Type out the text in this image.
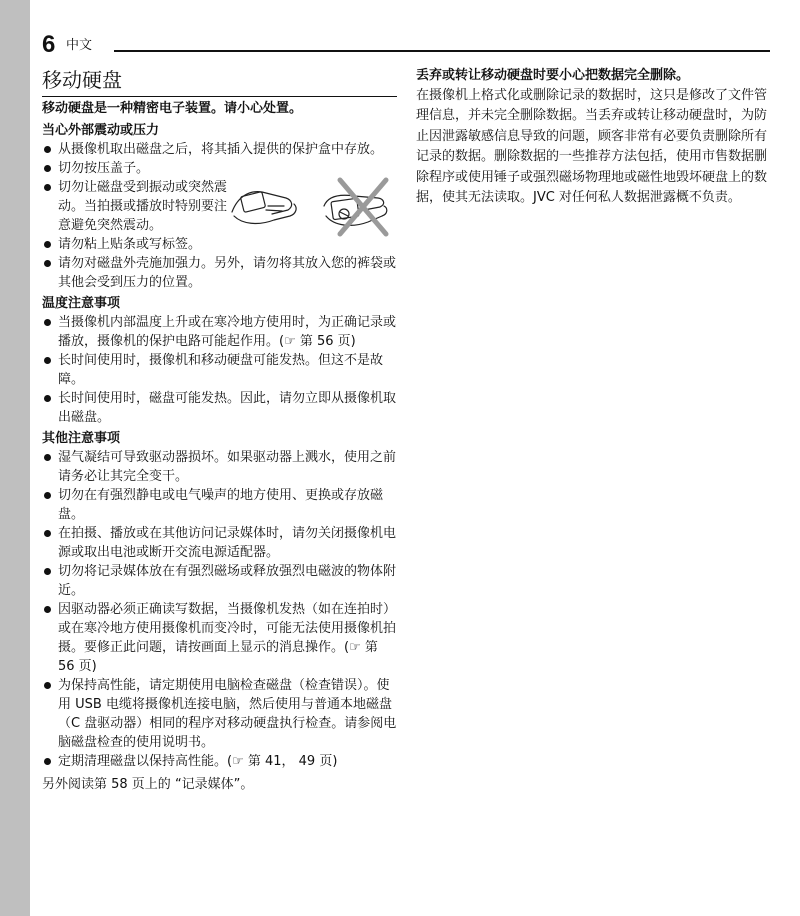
6 中文
移动硬盘

移动硬盘是一种精密电子装置。请小心处置。

当心外部震动或压力

从摄像机取出磁盘之后，将其插入提供的保护盒中存放。
切勿按压盖子。
切勿让磁盘受到振动或突然震动。当拍摄或播放时特别要注意避免突然震动。
请勿粘上贴条或写标签。
请勿对磁盘外壳施加强力。另外，请勿将其放入您的裤袋或其他会受到压力的位置。

温度注意事项

当摄像机内部温度上升或在寒冷地方使用时，为正确记录或播放，摄像机的保护电路可能起作用。(☞ 第 56 页)
长时间使用时，摄像机和移动硬盘可能发热。但这不是故障。
长时间使用时，磁盘可能发热。因此，请勿立即从摄像机取出磁盘。

其他注意事项

湿气凝结可导致驱动器损坏。如果驱动器上溅水，使用之前请务必让其完全变干。
切勿在有强烈静电或电气噪声的地方使用、更换或存放磁盘。
在拍摄、播放或在其他访问记录媒体时，请勿关闭摄像机电源或取出电池或断开交流电源适配器。
切勿将记录媒体放在有强烈磁场或释放强烈电磁波的物体附近。
因驱动器必须正确读写数据，当摄像机发热（如在连拍时）或在寒冷地方使用摄像机而变冷时，可能无法使用摄像机拍摄。要修正此问题，请按画面上显示的消息操作。(☞ 第 56 页)
为保持高性能，请定期使用电脑检查磁盘（检查错误）。使用 USB 电缆将摄像机连接电脑，然后使用与普通本地磁盘（C 盘驱动器）相同的程序对移动硬盘执行检查。请参阅电脑磁盘检查的使用说明书。
定期清理磁盘以保持高性能。(☞ 第 41， 49 页)

另外阅读第 58 页上的 “记录媒体”。

丢弃或转让移动硬盘时要小心把数据完全删除。

在摄像机上格式化或删除记录的数据时，这只是修改了文件管理信息，并未完全删除数据。当丢弃或转让移动硬盘时，为防止因泄露敏感信息导致的问题，顾客非常有必要负责删除所有记录的数据。删除数据的一些推荐方法包括，使用市售数据删除程序或使用锤子或强烈磁场物理地或磁性地毁坏硬盘上的数据，使其无法读取。JVC 对任何私人数据泄露概不负责。
